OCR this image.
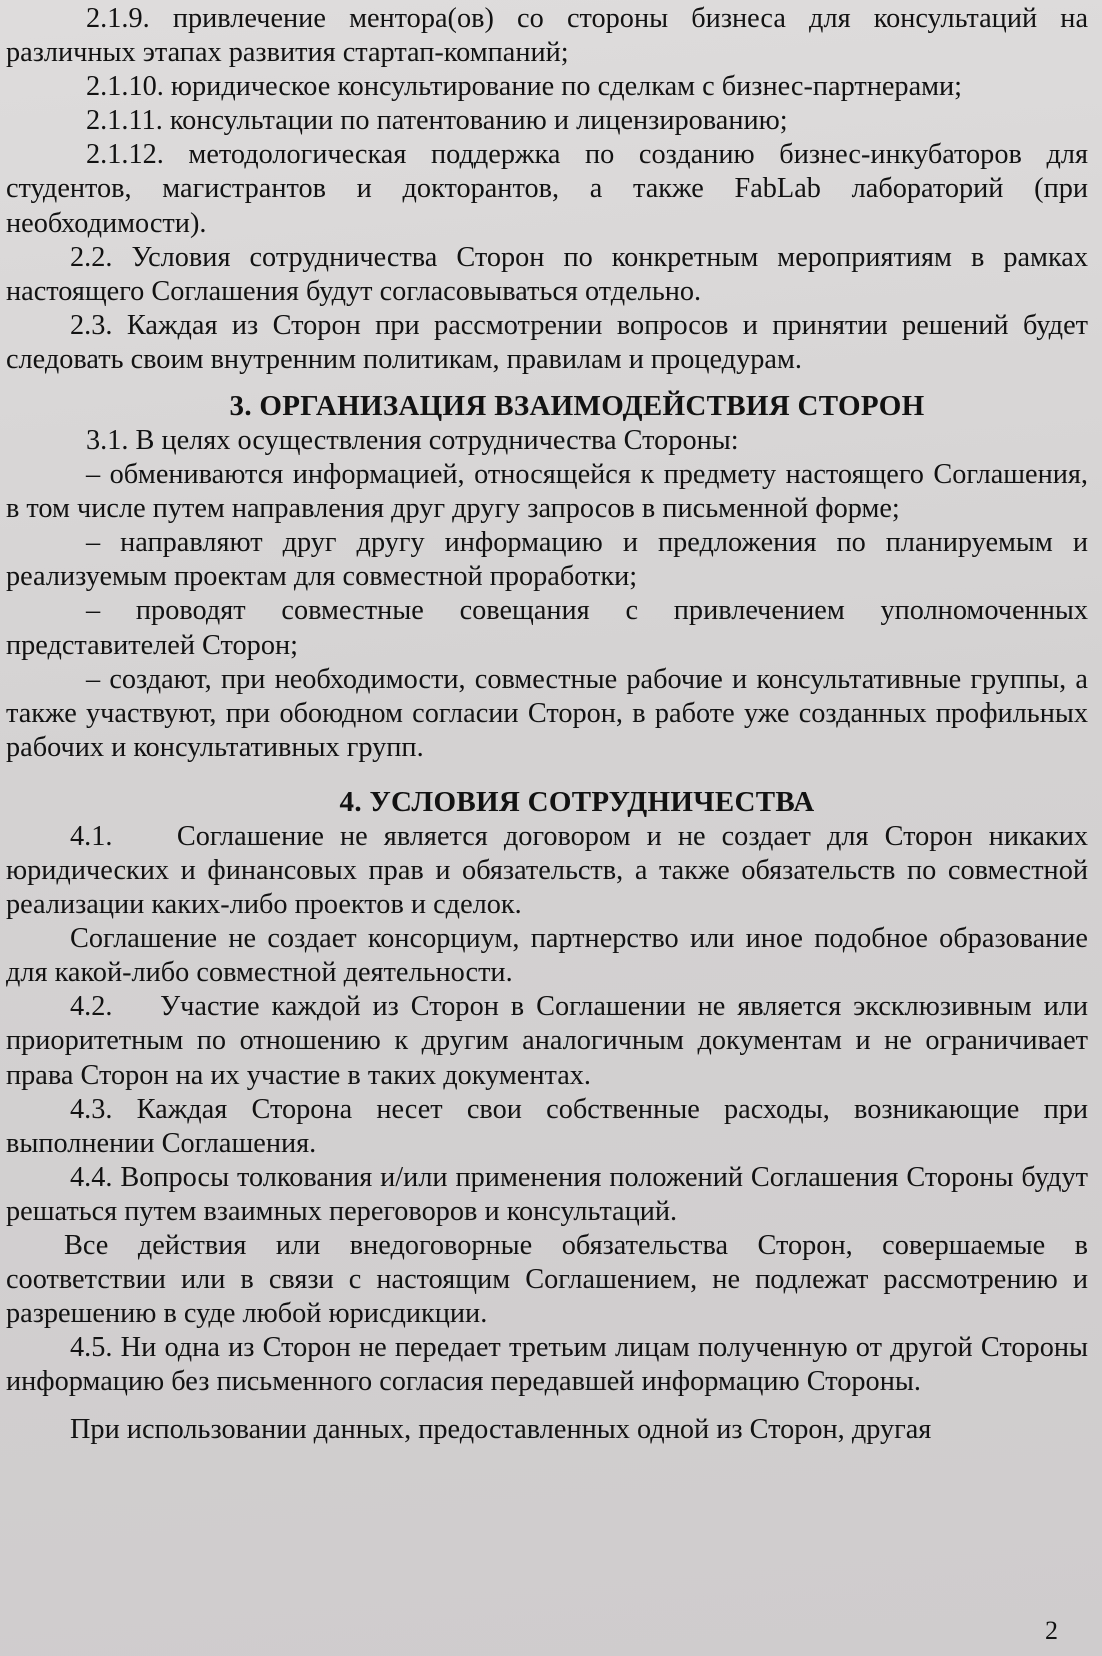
2.1.9. привлечение ментора(ов) со стороны бизнеса для консультаций на различных этапах развития стартап-компаний;

2.1.10. юридическое консультирование по сделкам с бизнес-партнерами;

2.1.11. консультации по патентованию и лицензированию;

2.1.12. методологическая поддержка по созданию бизнес-инкубаторов для студентов, магистрантов и докторантов, а также FabLab лабораторий (при необходимости).

2.2. Условия сотрудничества Сторон по конкретным мероприятиям в рамках настоящего Соглашения будут согласовываться отдельно.

2.3. Каждая из Сторон при рассмотрении вопросов и принятии решений будет следовать своим внутренним политикам, правилам и процедурам.

3. ОРГАНИЗАЦИЯ ВЗАИМОДЕЙСТВИЯ СТОРОН

3.1. В целях осуществления сотрудничества Стороны:

– обмениваются информацией, относящейся к предмету настоящего Соглашения, в том числе путем направления друг другу запросов в письменной форме;

– направляют друг другу информацию и предложения по планируемым и реализуемым проектам для совместной проработки;

– проводят совместные совещания с привлечением уполномоченных представителей Сторон;

– создают, при необходимости, совместные рабочие и консультативные группы, а также участвуют, при обоюдном согласии Сторон, в работе уже созданных профильных рабочих и консультативных групп.

4. УСЛОВИЯ СОТРУДНИЧЕСТВА

4.1.    Соглашение не является договором и не создает для Сторон никаких юридических и финансовых прав и обязательств, а также обязательств по совместной реализации каких-либо проектов и сделок.

Соглашение не создает консорциум, партнерство или иное подобное образование для какой-либо совместной деятельности.

4.2.    Участие каждой из Сторон в Соглашении не является эксклюзивным или приоритетным по отношению к другим аналогичным документам и не ограничивает права Сторон на их участие в таких документах.

4.3. Каждая Сторона несет свои собственные расходы, возникающие при выполнении Соглашения.

4.4. Вопросы толкования и/или применения положений Соглашения Стороны будут решаться путем взаимных переговоров и консультаций.

Все действия или внедоговорные обязательства Сторон, совершаемые в соответствии или в связи с настоящим Соглашением, не подлежат рассмотрению и разрешению в суде любой юрисдикции.

4.5. Ни одна из Сторон не передает третьим лицам полученную от другой Стороны информацию без письменного согласия передавшей информацию Стороны.

При использовании данных, предоставленных одной из Сторон, другая

2
